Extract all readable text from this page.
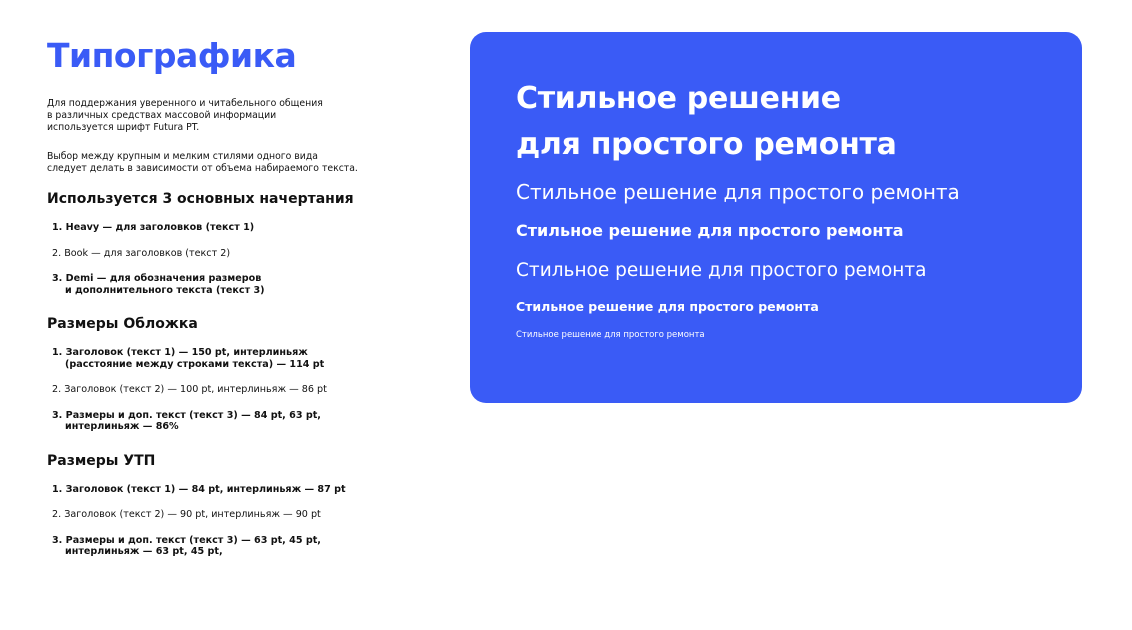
Типографика

Для поддержания уверенного и читабельного общения
в различных средствах массовой информации
используется шрифт Futura PT.

Выбор между крупным и мелким стилями одного вида
следует делать в зависимости от объема набираемого текста.

Используется 3 основных начертания
1. Heavy — для заголовков (текст 1)
2. Book — для заголовков (текст 2)
3. Demi — для обозначения размеров
и дополнительного текста (текст 3)
Размеры Обложка
1. Заголовок (текст 1) — 150 pt, интерлиньяж
(расстояние между строками текста) — 114 pt
2. Заголовок (текст 2) — 100 pt, интерлиньяж — 86 pt
3. Размеры и доп. текст (текст 3) — 84 pt, 63 pt,
интерлиньяж — 86%
Размеры УТП
1. Заголовок (текст 1) — 84 pt, интерлиньяж — 87 pt
2. Заголовок (текст 2) — 90 pt, интерлиньяж — 90 pt
3. Размеры и доп. текст (текст 3) — 63 pt, 45 pt,
интерлиньяж — 63 pt, 45 pt,
Стильное решение
для простого ремонта
Стильное решение для простого ремонта
Стильное решение для простого ремонта
Стильное решение для простого ремонта
Стильное решение для простого ремонта
Стильное решение для простого ремонта
